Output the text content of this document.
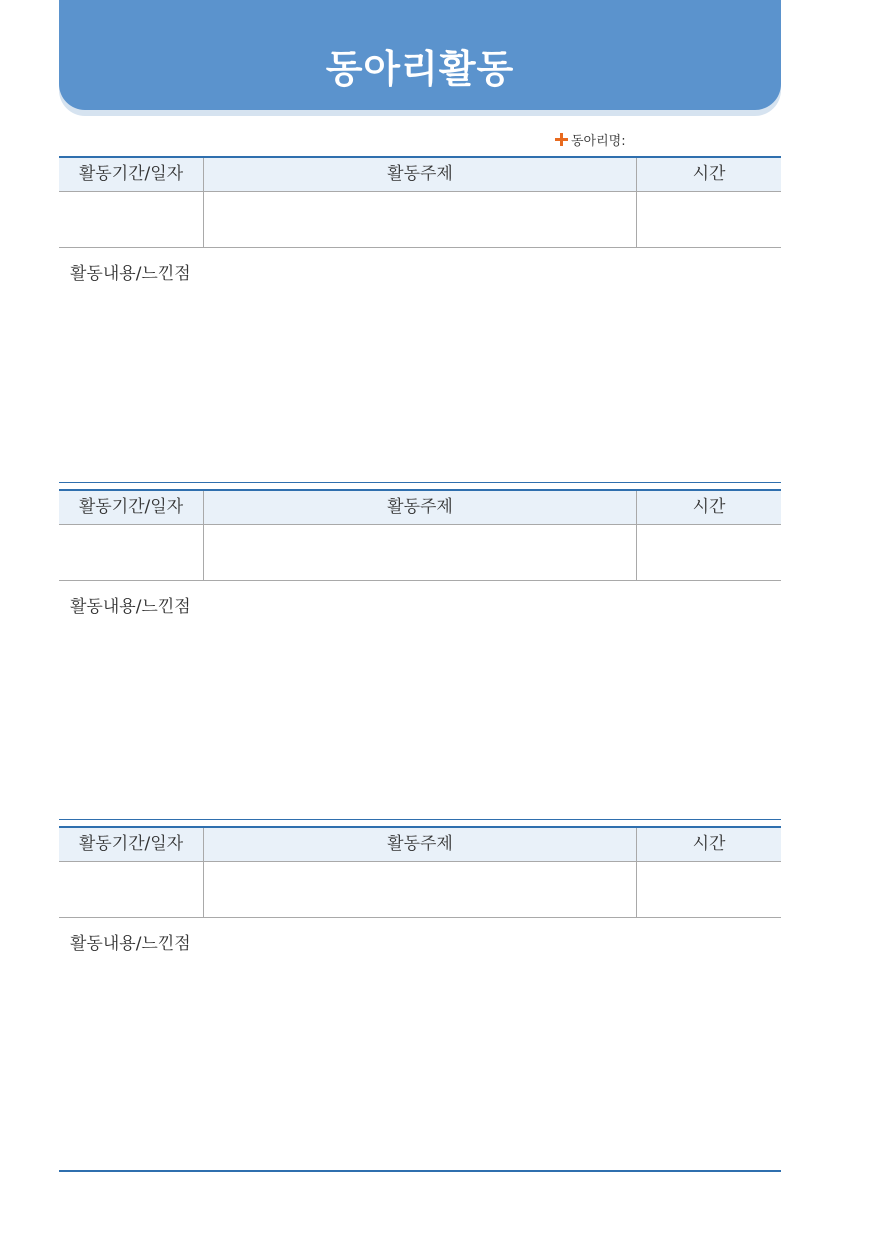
동아리활동
동아리명:
활동기간/일자	활동주제	시간
활동내용/느낀점
활동기간/일자	활동주제	시간
활동내용/느낀점
활동기간/일자	활동주제	시간
활동내용/느낀점
